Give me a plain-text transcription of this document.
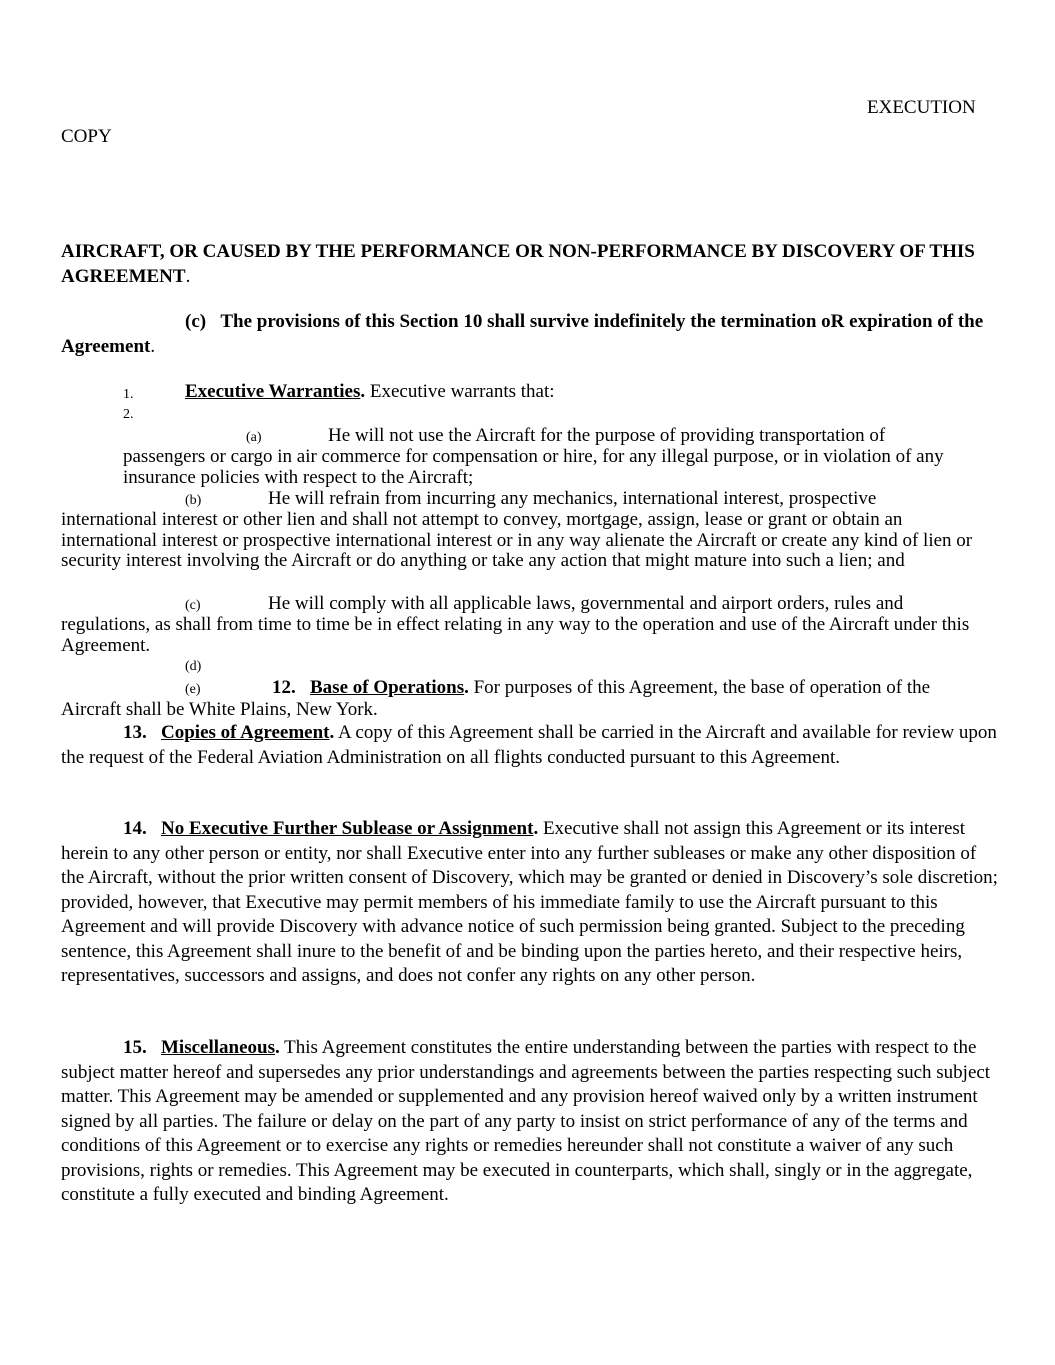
EXECUTION
COPY
AIRCRAFT, OR CAUSED BY THE PERFORMANCE OR NON-PERFORMANCE BY DISCOVERY OF THIS AGREEMENT.
(c) The provisions of this Section 10 shall survive indefinitely the termination oR expiration of the Agreement.
1.	Executive Warranties. Executive warrants that:
2.
(a)	He will not use the Aircraft for the purpose of providing transportation of
passengers or cargo in air commerce for compensation or hire, for any illegal purpose, or in violation of any insurance policies with respect to the Aircraft;
(b)	He will refrain from incurring any mechanics, international interest, prospective
international interest or other lien and shall not attempt to convey, mortgage, assign, lease or grant or obtain an international interest or prospective international interest or in any way alienate the Aircraft or create any kind of lien or security interest involving the Aircraft or do anything or take any action that might mature into such a lien; and
(c)	He will comply with all applicable laws, governmental and airport orders, rules and
regulations, as shall from time to time be in effect relating in any way to the operation and use of the Aircraft under this Agreement.
(d)
(e)	12. Base of Operations. For purposes of this Agreement, the base of operation of the
Aircraft shall be White Plains, New York.
13. Copies of Agreement. A copy of this Agreement shall be carried in the Aircraft and available for review upon the request of the Federal Aviation Administration on all flights conducted pursuant to this Agreement.
14. No Executive Further Sublease or Assignment. Executive shall not assign this Agreement or its interest herein to any other person or entity, nor shall Executive enter into any further subleases or make any other disposition of the Aircraft, without the prior written consent of Discovery, which may be granted or denied in Discovery’s sole discretion; provided, however, that Executive may permit members of his immediate family to use the Aircraft pursuant to this Agreement and will provide Discovery with advance notice of such permission being granted. Subject to the preceding sentence, this Agreement shall inure to the benefit of and be binding upon the parties hereto, and their respective heirs, representatives, successors and assigns, and does not confer any rights on any other person.
15. Miscellaneous. This Agreement constitutes the entire understanding between the parties with respect to the subject matter hereof and supersedes any prior understandings and agreements between the parties respecting such subject matter. This Agreement may be amended or supplemented and any provision hereof waived only by a written instrument signed by all parties. The failure or delay on the part of any party to insist on strict performance of any of the terms and conditions of this Agreement or to exercise any rights or remedies hereunder shall not constitute a waiver of any such provisions, rights or remedies. This Agreement may be executed in counterparts, which shall, singly or in the aggregate, constitute a fully executed and binding Agreement.
